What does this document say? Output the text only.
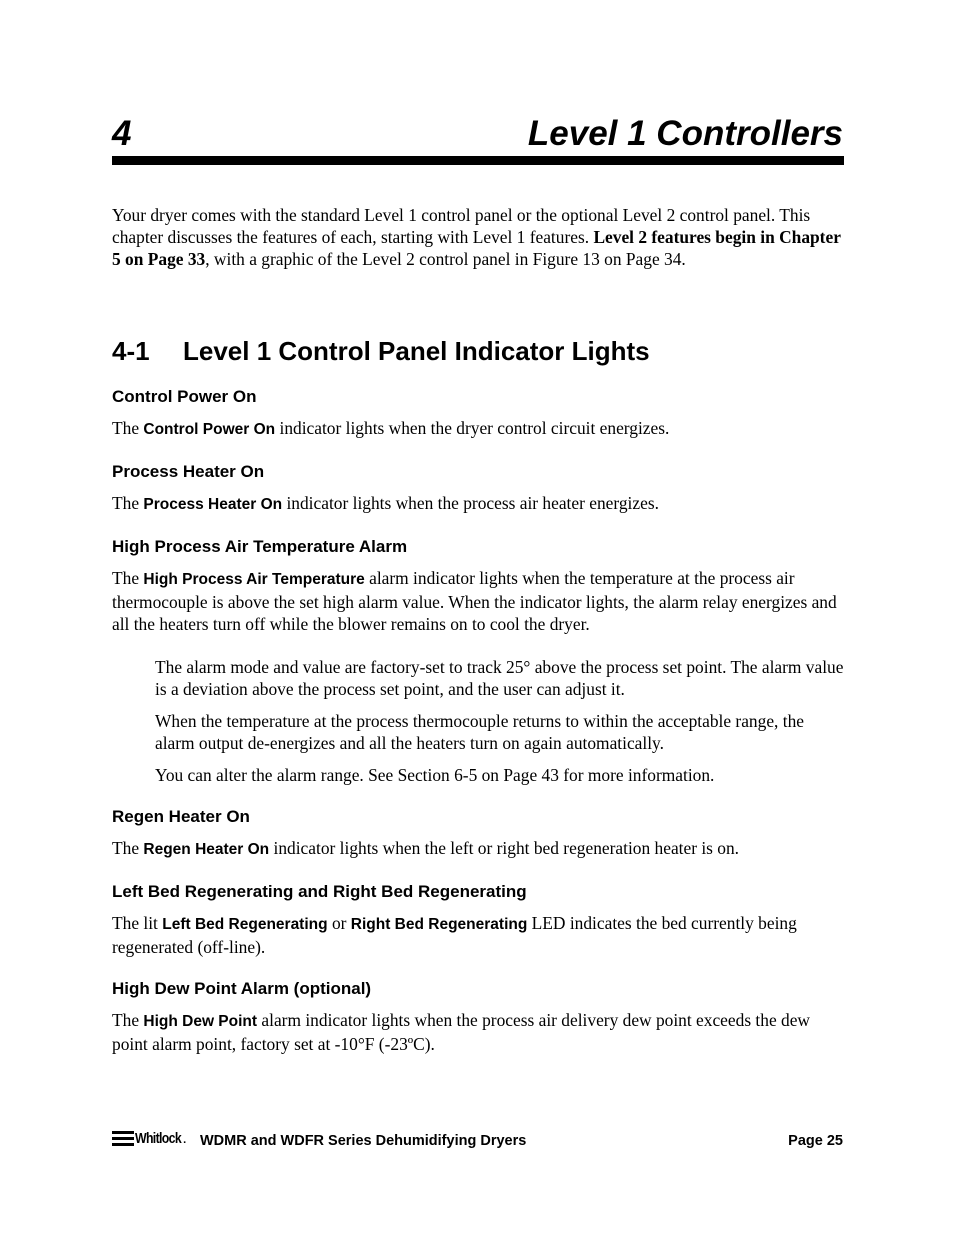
4	Level 1 Controllers

Your dryer comes with the standard Level 1 control panel or the optional Level 2 control panel. This chapter discusses the features of each, starting with Level 1 features. Level 2 features begin in Chapter 5 on Page 33, with a graphic of the Level 2 control panel in Figure 13 on Page 34.

4-1 Level 1 Control Panel Indicator Lights
Control Power On

The Control Power On indicator lights when the dryer control circuit energizes.

Process Heater On

The Process Heater On indicator lights when the process air heater energizes.

High Process Air Temperature Alarm

The High Process Air Temperature alarm indicator lights when the temperature at the process air thermocouple is above the set high alarm value. When the indicator lights, the alarm relay energizes and all the heaters turn off while the blower remains on to cool the dryer.

The alarm mode and value are factory-set to track 25° above the process set point. The alarm value is a deviation above the process set point, and the user can adjust it.

When the temperature at the process thermocouple returns to within the acceptable range, the alarm output de-energizes and all the heaters turn on again automatically.

You can alter the alarm range. See Section 6-5 on Page 43 for more information.

Regen Heater On

The Regen Heater On indicator lights when the left or right bed regeneration heater is on.

Left Bed Regenerating and Right Bed Regenerating

The lit Left Bed Regenerating or Right Bed Regenerating LED indicates the bed currently being regenerated (off-line).

High Dew Point Alarm (optional)

The High Dew Point alarm indicator lights when the process air delivery dew point exceeds the dew point alarm point, factory set at -10°F (-23ºC).

Whitlock . WDMR and WDFR Series Dehumidifying Dryers	Page 25
